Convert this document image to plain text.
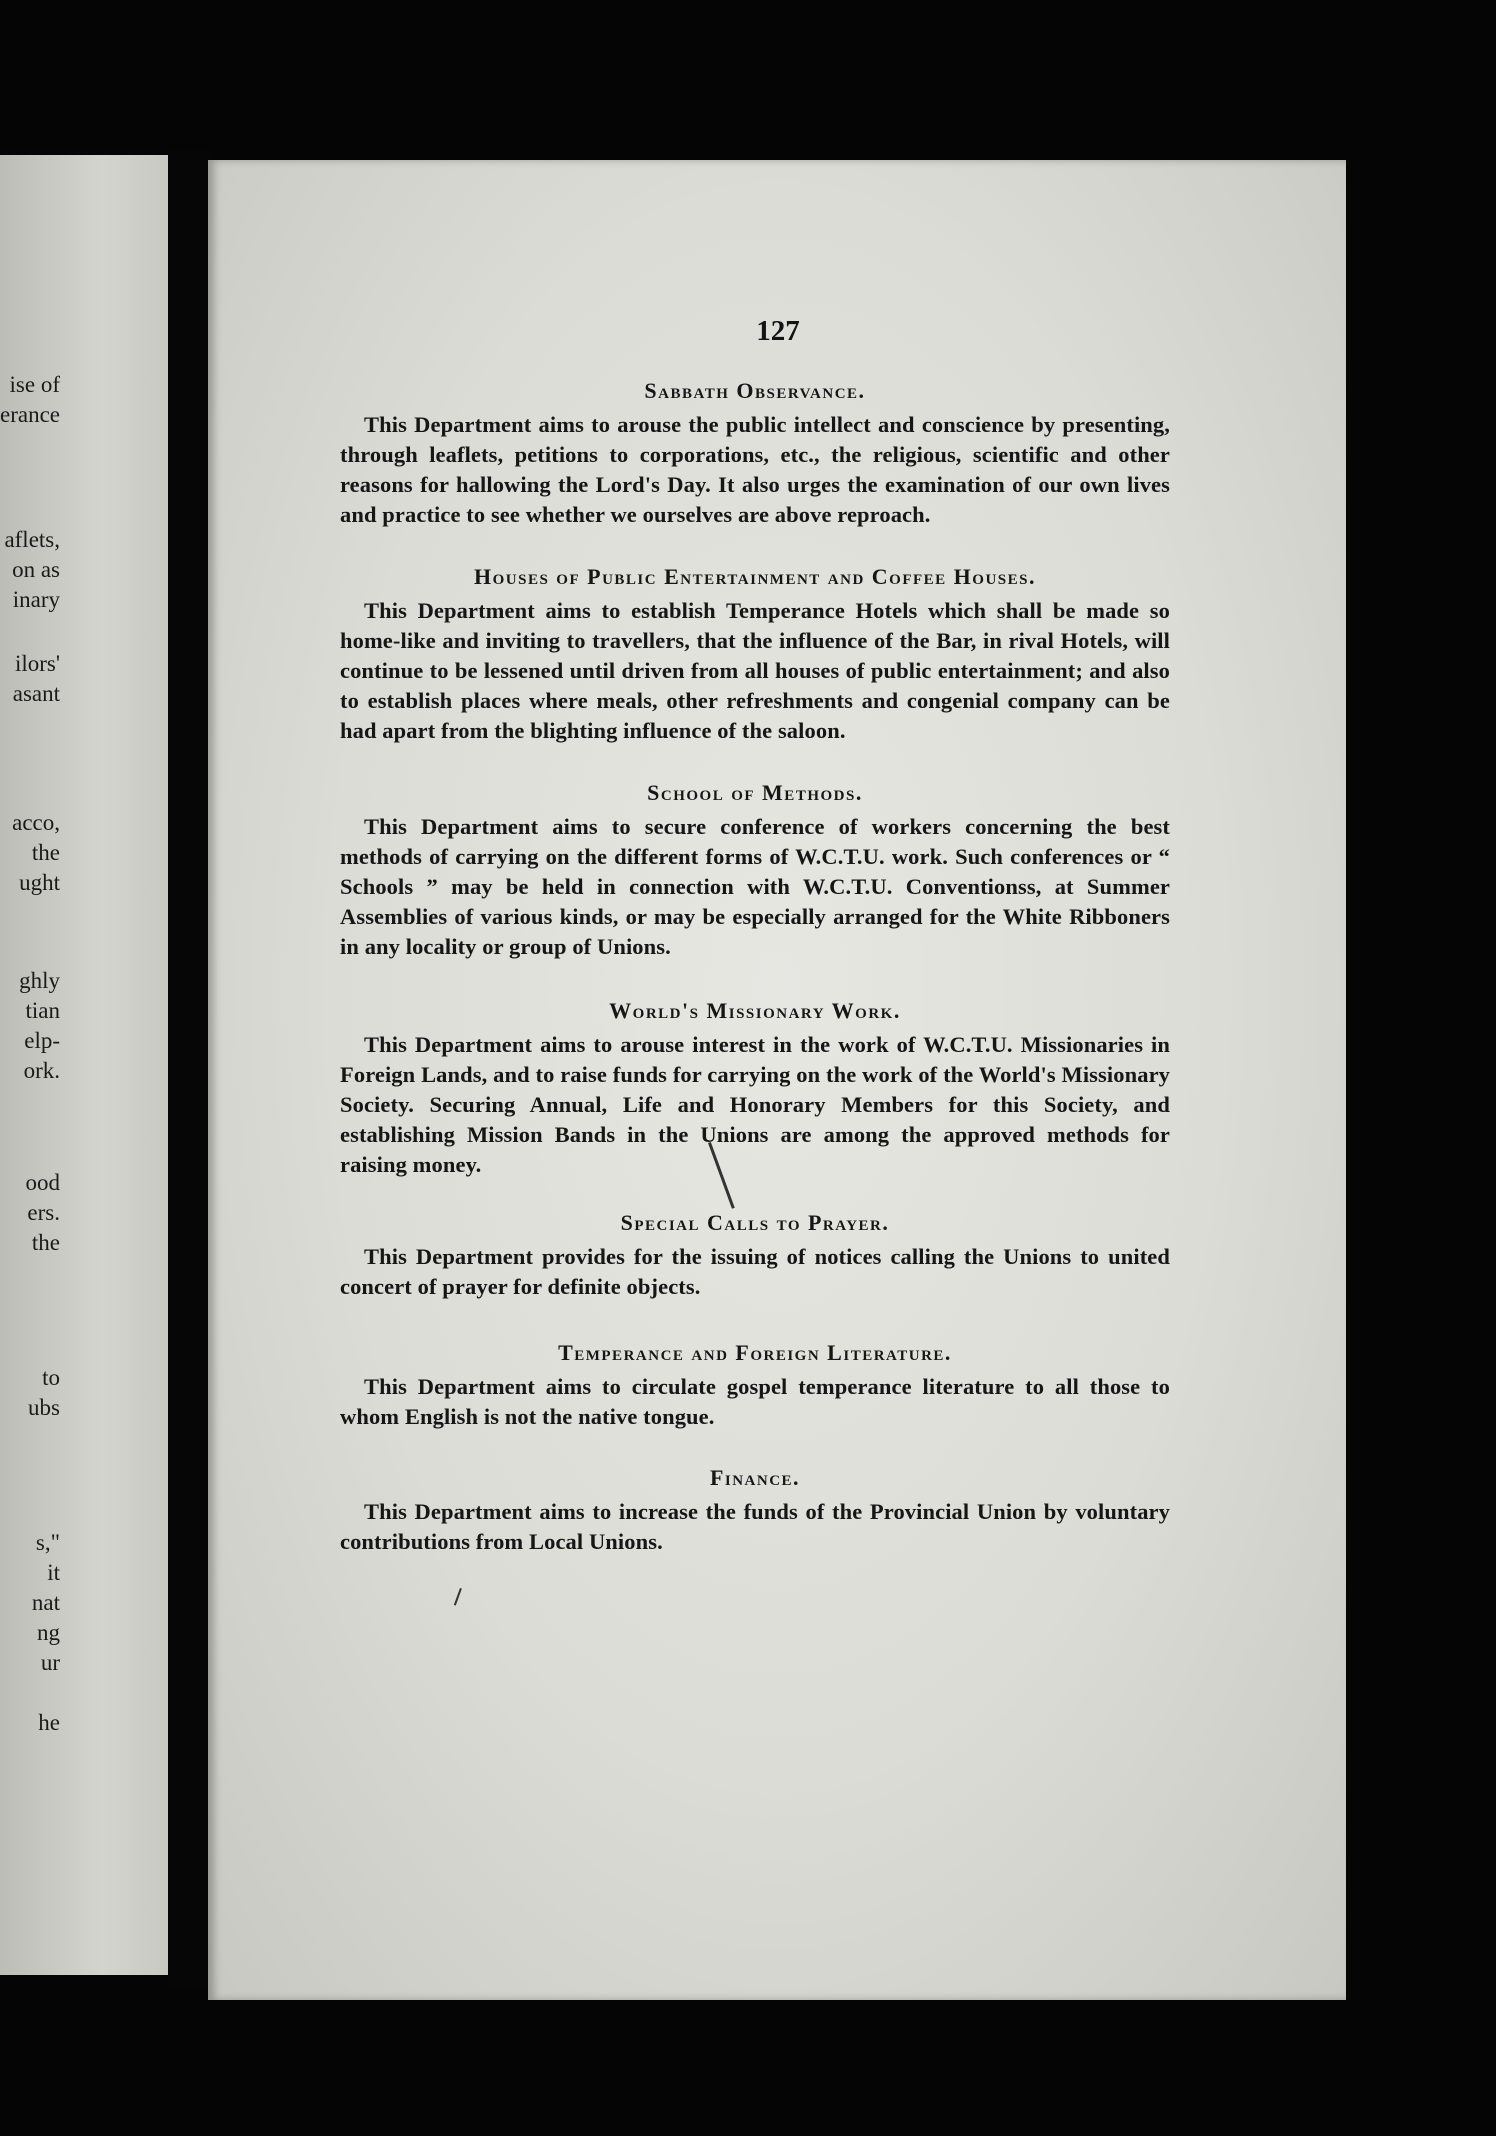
ise of
erance
aflets,
on as
inary
ilors'
asant
acco,
the
ught
ghly
tian
elp-
ork.
ood
ers.
the
to
ubs
s,"
it
nat
ng
ur
he
127
Sabbath Observance.
This Department aims to arouse the public intellect and conscience by presenting, through leaflets, petitions to corporations, etc., the religious, scientific and other reasons for hallowing the Lord's Day. It also urges the examination of our own lives and practice to see whether we ourselves are above reproach.
Houses of Public Entertainment and Coffee Houses.
This Department aims to establish Temperance Hotels which shall be made so home-like and inviting to travellers, that the influence of the Bar, in rival Hotels, will continue to be lessened until driven from all houses of public entertainment; and also to establish places where meals, other refreshments and congenial company can be had apart from the blighting influence of the saloon.
School of Methods.
This Department aims to secure conference of workers concerning the best methods of carrying on the different forms of W.C.T.U. work. Such conferences or “ Schools ” may be held in connection with W.C.T.U. Conventionss, at Summer Assemblies of various kinds, or may be especially arranged for the White Ribboners in any locality or group of Unions.
World's Missionary Work.
This Department aims to arouse interest in the work of W.C.T.U. Missionaries in Foreign Lands, and to raise funds for carrying on the work of the World's Missionary Society. Securing Annual, Life and Honorary Members for this Society, and establishing Mission Bands in the Unions are among the approved methods for raising money.
Special Calls to Prayer.
This Department provides for the issuing of notices calling the Unions to united concert of prayer for definite objects.
Temperance and Foreign Literature.
This Department aims to circulate gospel temperance literature to all those to whom English is not the native tongue.
Finance.
This Department aims to increase the funds of the Provincial Union by voluntary contributions from Local Unions.
